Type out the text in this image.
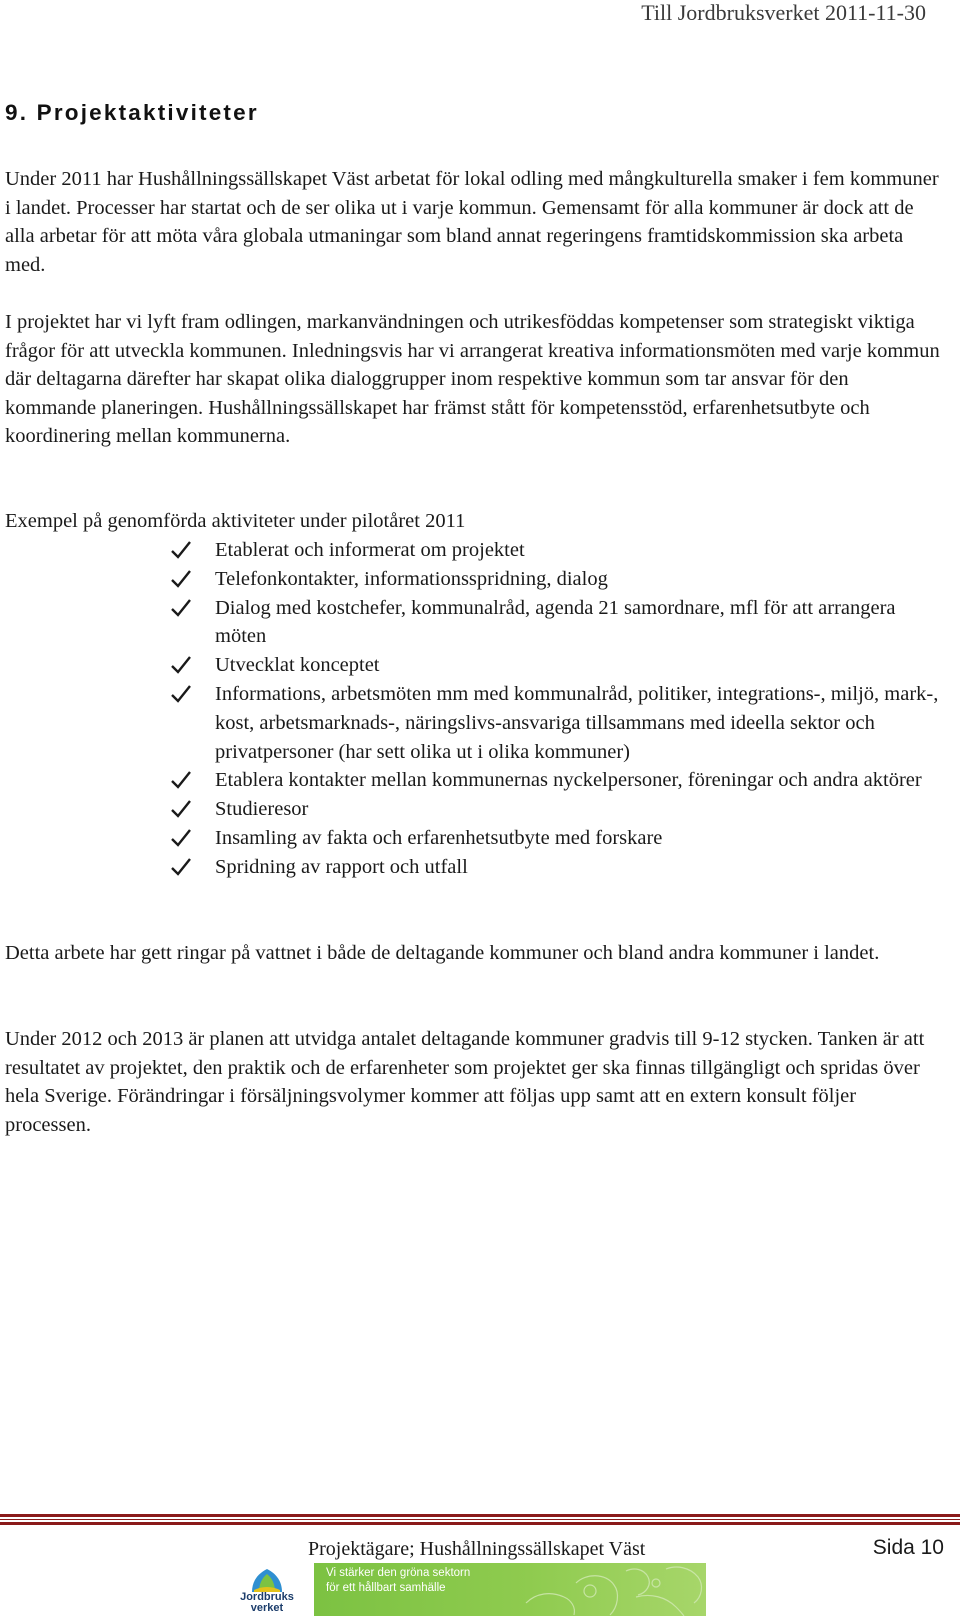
Till Jordbruksverket 2011-11-30
9. Projektaktiviteter

Under 2011 har Hushållningssällskapet Väst arbetat för lokal odling med mångkulturella smaker i fem kommuner i landet. Processer har startat och de ser olika ut i varje kommun. Gemensamt för alla kommuner är dock att de alla arbetar för att möta våra globala utmaningar som bland annat regeringens framtidskommission ska arbeta med.

I projektet har vi lyft fram odlingen, markanvändningen och utrikesföddas kompetenser som strategiskt viktiga frågor för att utveckla kommunen. Inledningsvis har vi arrangerat kreativa informationsmöten med varje kommun där deltagarna därefter har skapat olika dialoggrupper inom respektive kommun som tar ansvar för den kommande planeringen. Hushållningssällskapet har främst stått för kompetensstöd, erfarenhetsutbyte och koordinering mellan kommunerna.

Exempel på genomförda aktiviteter under pilotåret 2011

Etablerat och informerat om projektet
Telefonkontakter, informationsspridning, dialog
Dialog med kostchefer, kommunalråd, agenda 21 samordnare, mfl för att arrangera möten
Utvecklat konceptet
Informations, arbetsmöten mm med kommunalråd, politiker, integrations-, miljö, mark-, kost, arbetsmarknads-, näringslivs-ansvariga tillsammans med ideella sektor och privatpersoner (har sett olika ut i olika kommuner)
Etablera kontakter mellan kommunernas nyckelpersoner, föreningar och andra aktörer
Studieresor
Insamling av fakta och erfarenhetsutbyte med forskare
Spridning av rapport och utfall

Detta arbete har gett ringar på vattnet i både de deltagande kommuner och bland andra kommuner i landet.

Under 2012 och 2013 är planen att utvidga antalet deltagande kommuner gradvis till 9-12 stycken. Tanken är att resultatet av projektet, den praktik och de erfarenheter som projektet ger ska finnas tillgängligt och spridas över hela Sverige. Förändringar i försäljningsvolymer kommer att följas upp samt att en extern konsult följer processen.

Projektägare; Hushållningssällskapet Väst	Sida 10
Jordbruks verket
Vi stärker den gröna sektorn
för ett hållbart samhälle
